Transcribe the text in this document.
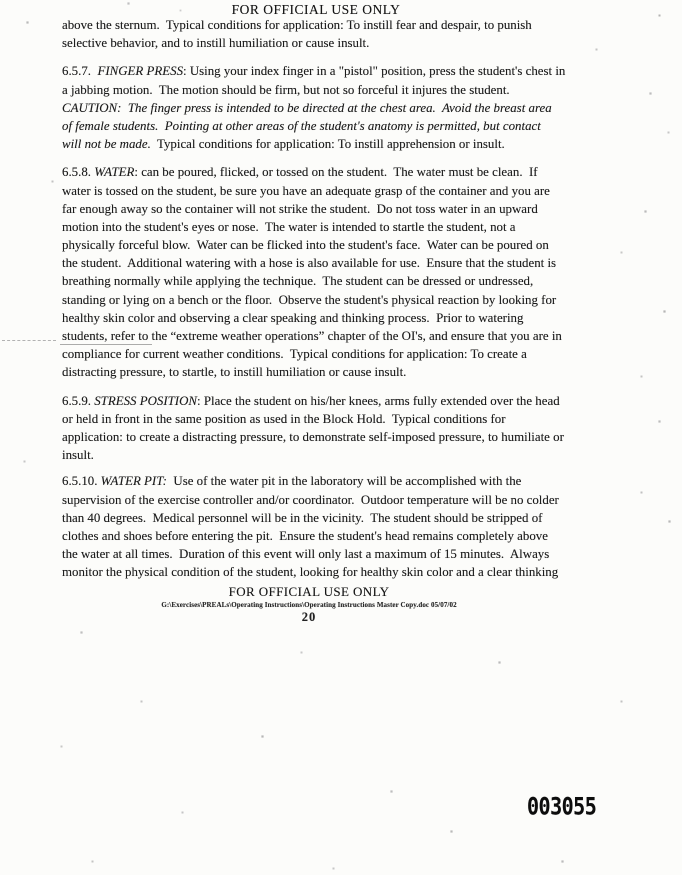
FOR OFFICIAL USE ONLY
above the sternum.  Typical conditions for application: To instill fear and despair, to punish
selective behavior, and to instill humiliation or cause insult.
6.5.7.  FINGER PRESS: Using your index finger in a "pistol" position, press the student's chest in
a jabbing motion.  The motion should be firm, but not so forceful it injures the student.
CAUTION:  The finger press is intended to be directed at the chest area.  Avoid the breast area
of female students.  Pointing at other areas of the student's anatomy is permitted, but contact
will not be made.  Typical conditions for application: To instill apprehension or insult.
6.5.8. WATER: can be poured, flicked, or tossed on the student.  The water must be clean.  If
water is tossed on the student, be sure you have an adequate grasp of the container and you are
far enough away so the container will not strike the student.  Do not toss water in an upward
motion into the student's eyes or nose.  The water is intended to startle the student, not a
physically forceful blow.  Water can be flicked into the student's face.  Water can be poured on
the student.  Additional watering with a hose is also available for use.  Ensure that the student is
breathing normally while applying the technique.  The student can be dressed or undressed,
standing or lying on a bench or the floor.  Observe the student's physical reaction by looking for
healthy skin color and observing a clear speaking and thinking process.  Prior to watering
students, refer to the “extreme weather operations” chapter of the OI's, and ensure that you are in
compliance for current weather conditions.  Typical conditions for application: To create a
distracting pressure, to startle, to instill humiliation or cause insult.
6.5.9. STRESS POSITION: Place the student on his/her knees, arms fully extended over the head
or held in front in the same position as used in the Block Hold.  Typical conditions for
application: to create a distracting pressure, to demonstrate self-imposed pressure, to humiliate or
insult.
6.5.10. WATER PIT:  Use of the water pit in the laboratory will be accomplished with the
supervision of the exercise controller and/or coordinator.  Outdoor temperature will be no colder
than 40 degrees.  Medical personnel will be in the vicinity.  The student should be stripped of
clothes and shoes before entering the pit.  Ensure the student's head remains completely above
the water at all times.  Duration of this event will only last a maximum of 15 minutes.  Always
monitor the physical condition of the student, looking for healthy skin color and a clear thinking
FOR OFFICIAL USE ONLY
G:\Exercises\PREALs\Operating Instructions\Operating Instructions Master Copy.doc 05/07/02
20
003055
